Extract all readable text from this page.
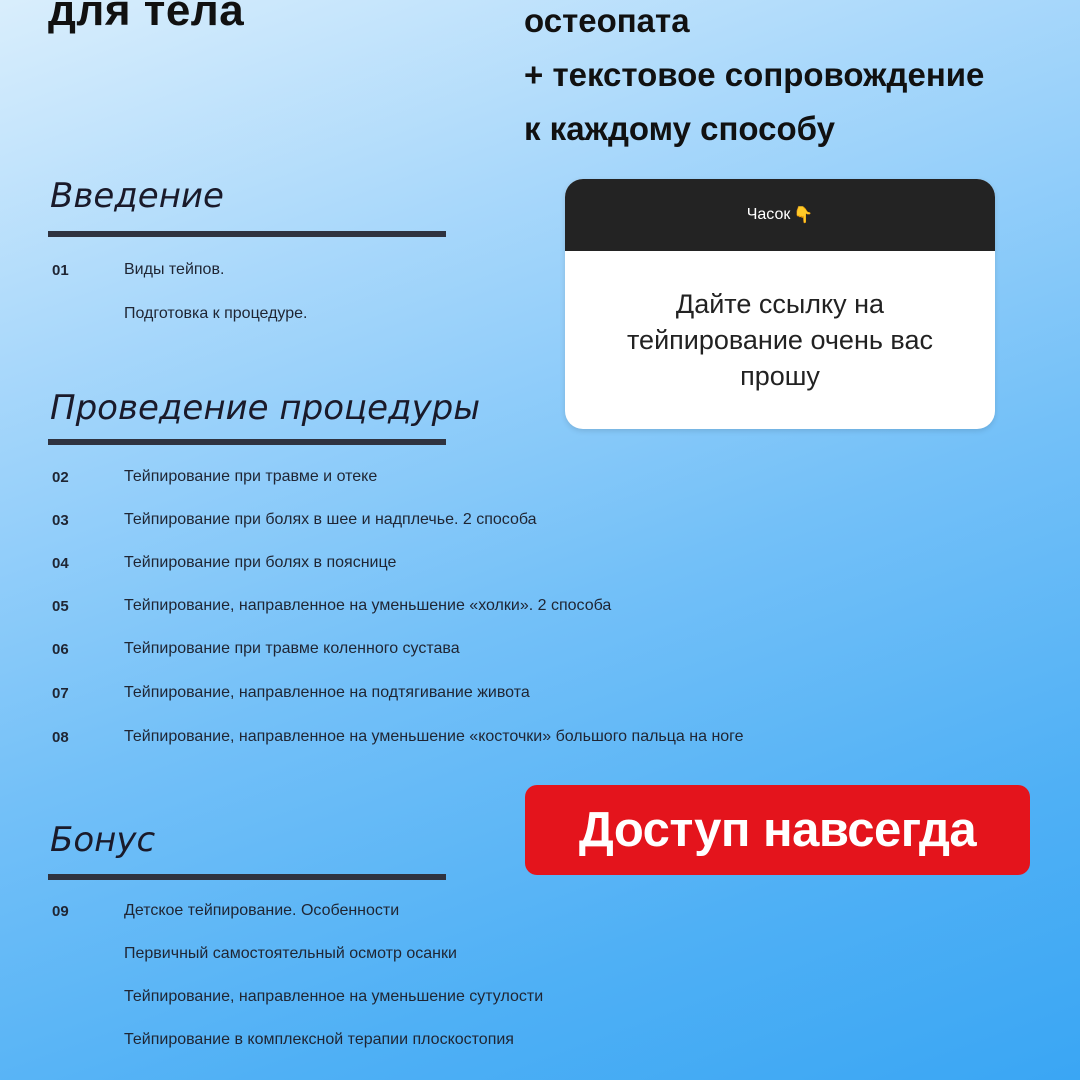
для тела	остеопата
+ текстовое сопровождение
к каждому способу
Введение
01	Виды тейпов.
Подготовка к процедуре.
Проведение процедуры
02	Тейпирование при травме и отеке
03	Тейпирование при болях в шее и надплечье. 2 способа
04	Тейпирование при болях в пояснице
05	Тейпирование, направленное на уменьшение «холки». 2 способа
06	Тейпирование при травме коленного сустава
07	Тейпирование, направленное на подтягивание живота
08	Тейпирование, направленное на уменьшение «косточки» большого пальца на ноге
Бонус
09	Детское тейпирование. Особенности
Первичный самостоятельный осмотр осанки
Тейпирование, направленное на уменьшение сутулости
Тейпирование в комплексной терапии плоскостопия
Часок 👇
Дайте ссылку на
тейпирование очень вас
прошу
Доступ навсегда
